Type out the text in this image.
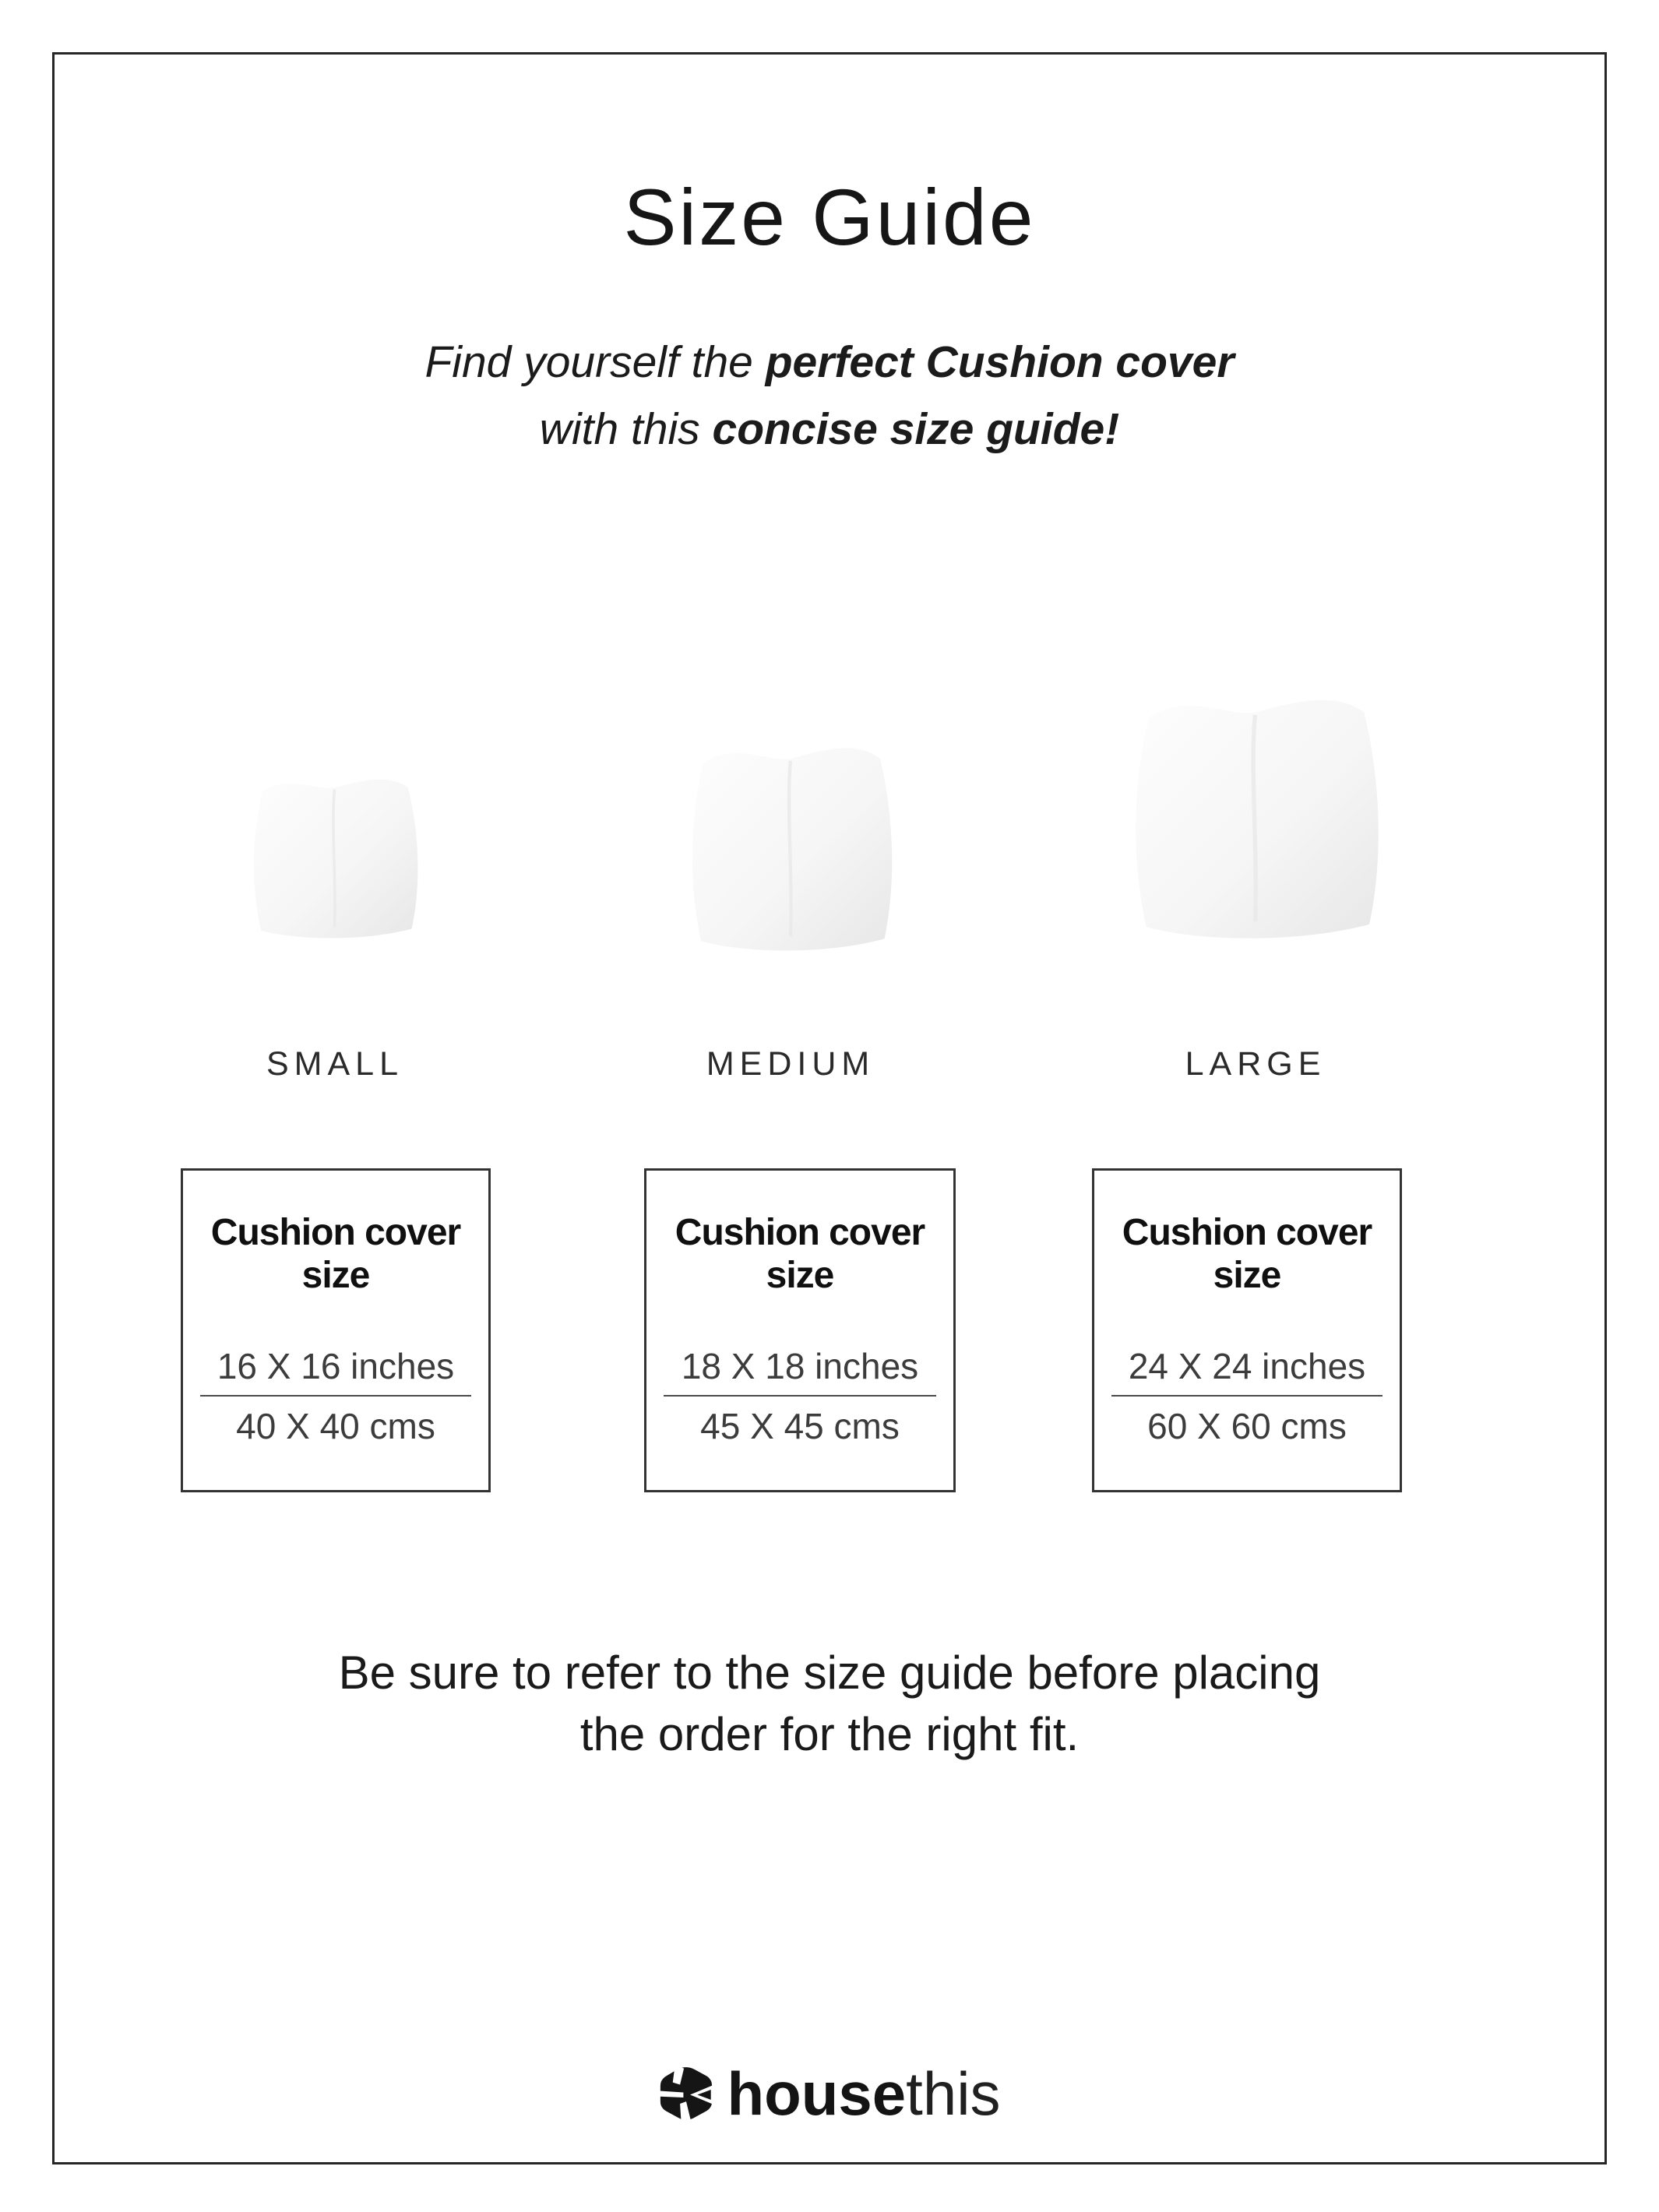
Size Guide

Find yourself the perfect Cushion cover
with this concise size guide!

SMALL	MEDIUM	LARGE
Cushion cover size
16 X 16 inches
40 X 40 cms
Cushion cover size
18 X 18 inches
45 X 45 cms
Cushion cover size
24 X 24 inches
60 X 60 cms

Be sure to refer to the size guide before placing
the order for the right fit.

housethis
